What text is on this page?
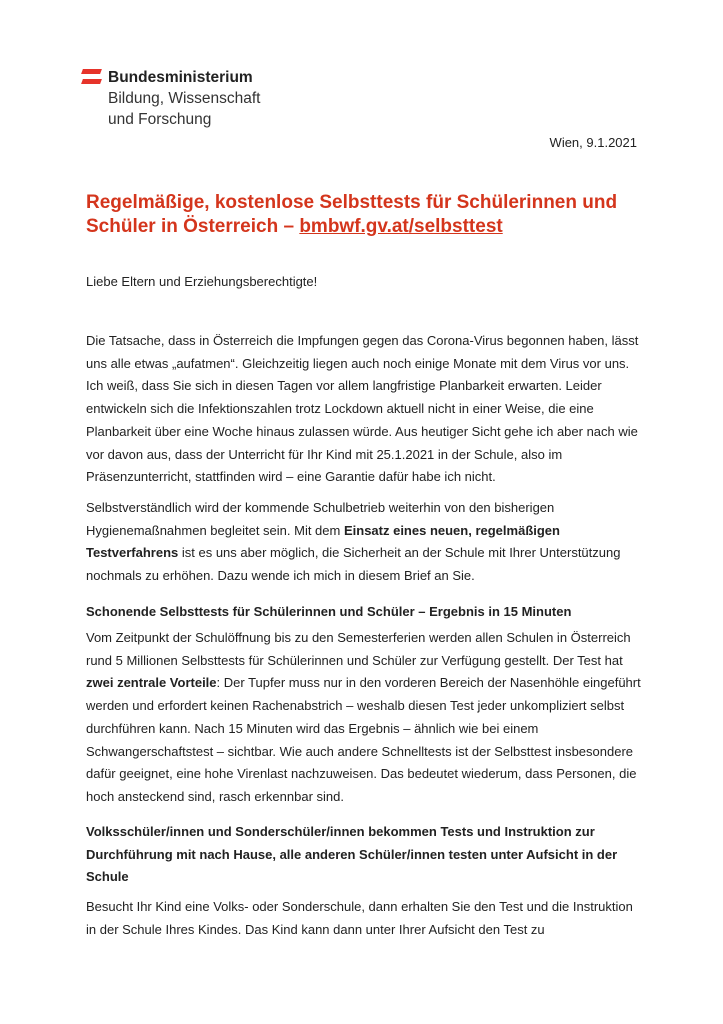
Bundesministerium
Bildung, Wissenschaft
und Forschung
Wien, 9.1.2021
Regelmäßige, kostenlose Selbsttests für Schülerinnen und Schüler in Österreich – bmbwf.gv.at/selbsttest
Liebe Eltern und Erziehungsberechtigte!
Die Tatsache, dass in Österreich die Impfungen gegen das Corona-Virus begonnen haben, lässt uns alle etwas „aufatmen“. Gleichzeitig liegen auch noch einige Monate mit dem Virus vor uns. Ich weiß, dass Sie sich in diesen Tagen vor allem langfristige Planbarkeit erwarten. Leider entwickeln sich die Infektionszahlen trotz Lockdown aktuell nicht in einer Weise, die eine Planbarkeit über eine Woche hinaus zulassen würde. Aus heutiger Sicht gehe ich aber nach wie vor davon aus, dass der Unterricht für Ihr Kind mit 25.1.2021 in der Schule, also im Präsenzunterricht, stattfinden wird – eine Garantie dafür habe ich nicht.
Selbstverständlich wird der kommende Schulbetrieb weiterhin von den bisherigen Hygienemaßnahmen begleitet sein. Mit dem Einsatz eines neuen, regelmäßigen Testverfahrens ist es uns aber möglich, die Sicherheit an der Schule mit Ihrer Unterstützung nochmals zu erhöhen. Dazu wende ich mich in diesem Brief an Sie.
Schonende Selbsttests für Schülerinnen und Schüler – Ergebnis in 15 Minuten
Vom Zeitpunkt der Schulöffnung bis zu den Semesterferien werden allen Schulen in Österreich rund 5 Millionen Selbsttests für Schülerinnen und Schüler zur Verfügung gestellt. Der Test hat zwei zentrale Vorteile: Der Tupfer muss nur in den vorderen Bereich der Nasenhöhle eingeführt werden und erfordert keinen Rachenabstrich – weshalb diesen Test jeder unkompliziert selbst durchführen kann. Nach 15 Minuten wird das Ergebnis – ähnlich wie bei einem Schwangerschaftstest – sichtbar. Wie auch andere Schnelltests ist der Selbsttest insbesondere dafür geeignet, eine hohe Virenlast nachzuweisen. Das bedeutet wiederum, dass Personen, die hoch ansteckend sind, rasch erkennbar sind.
Volksschüler/innen und Sonderschüler/innen bekommen Tests und Instruktion zur Durchführung mit nach Hause, alle anderen Schüler/innen testen unter Aufsicht in der Schule
Besucht Ihr Kind eine Volks- oder Sonderschule, dann erhalten Sie den Test und die Instruktion in der Schule Ihres Kindes. Das Kind kann dann unter Ihrer Aufsicht den Test zu
